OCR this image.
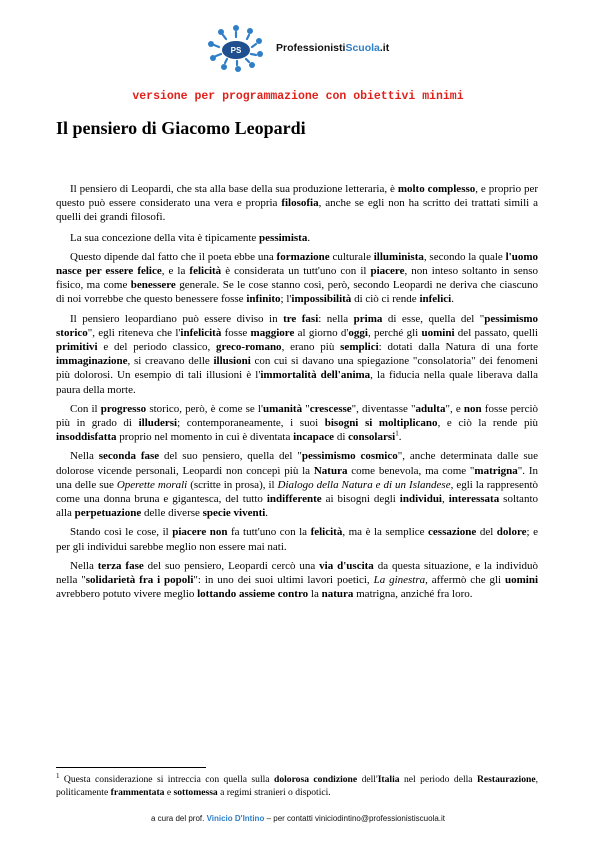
PS	ProfessionistiScuola.it
versione per programmazione con obiettivi minimi
Il pensiero di Giacomo Leopardi

Il pensiero di Leopardi, che sta alla base della sua produzione letteraria, è molto complesso, e proprio per questo può essere considerato una vera e propria filosofia, anche se egli non ha scritto dei trattati simili a quelli dei grandi filosofi.

La sua concezione della vita è tipicamente pessimista.

Questo dipende dal fatto che il poeta ebbe una formazione culturale illuminista, secondo la quale l'uomo nasce per essere felice, e la felicità è considerata un tutt'uno con il piacere, non inteso soltanto in senso fisico, ma come benessere generale. Se le cose stanno così, però, secondo Leopardi ne deriva che ciascuno di noi vorrebbe che questo benessere fosse infinito; l'impossibilità di ciò ci rende infelici.

Il pensiero leopardiano può essere diviso in tre fasi: nella prima di esse, quella del "pessimismo storico", egli riteneva che l'infelicità fosse maggiore al giorno d'oggi, perché gli uomini del passato, quelli primitivi e del periodo classico, greco-romano, erano più semplici: dotati dalla Natura di una forte immaginazione, si creavano delle illusioni con cui si davano una spiegazione "consolatoria" dei fenomeni più dolorosi. Un esempio di tali illusioni è l'immortalità dell'anima, la fiducia nella quale liberava dalla paura della morte.

Con il progresso storico, però, è come se l'umanità "crescesse", diventasse "adulta", e non fosse perciò più in grado di illudersi; contemporaneamente, i suoi bisogni si moltiplicano, e ciò la rende più insoddisfatta proprio nel momento in cui è diventata incapace di consolarsi$^1$.

Nella seconda fase del suo pensiero, quella del "pessimismo cosmico", anche determinata dalle sue dolorose vicende personali, Leopardi non concepì più la Natura come benevola, ma come "matrigna". In una delle sue Operette morali (scritte in prosa), il Dialogo della Natura e di un Islandese, egli la rappresentò come una donna bruna e gigantesca, del tutto indifferente ai bisogni degli individui, interessata soltanto alla perpetuazione delle diverse specie viventi.

Stando così le cose, il piacere non fa tutt'uno con la felicità, ma è la semplice cessazione del dolore; e per gli individui sarebbe meglio non essere mai nati.

Nella terza fase del suo pensiero, Leopardi cercò una via d'uscita da questa situazione, e la individuò nella "solidarietà fra i popoli": in uno dei suoi ultimi lavori poetici, La ginestra, affermò che gli uomini avrebbero potuto vivere meglio lottando assieme contro la natura matrigna, anziché fra loro.

$^1$ Questa considerazione si intreccia con quella sulla dolorosa condizione dell'Italia nel periodo della Restaurazione, politicamente frammentata e sottomessa a regimi stranieri o dispotici.
a cura del prof. Vinicio D'Intino – per contatti viniciodintino@professionistiscuola.it
